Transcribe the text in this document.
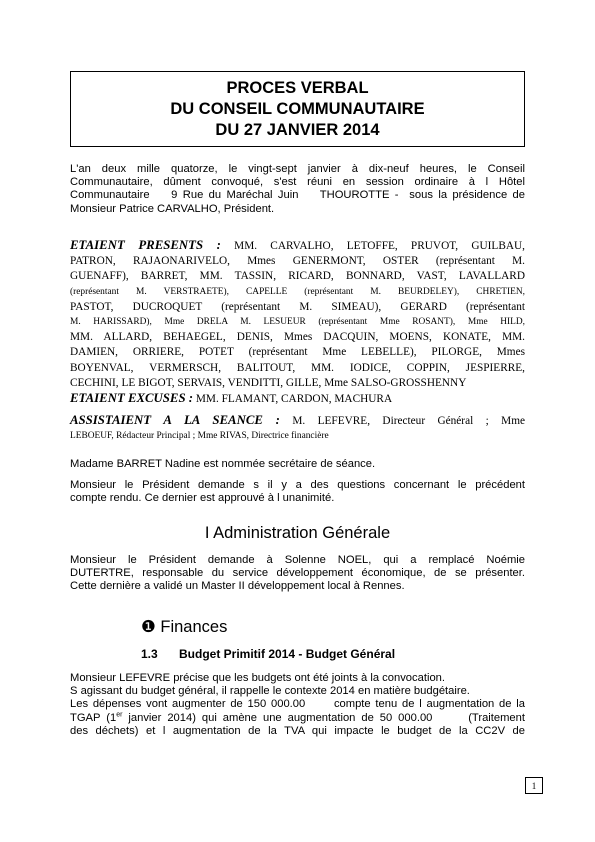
PROCES VERBAL
DU CONSEIL COMMUNAUTAIRE
DU 27 JANVIER 2014
L'an deux mille quatorze, le vingt-sept janvier à dix-neuf heures, le Conseil
Communautaire, dûment convoqué, s'est réuni en session ordinaire à l Hôtel
Communautaire    9 Rue du Maréchal Juin    THOUROTTE -  sous la présidence de
Monsieur Patrice CARVALHO, Président.
ETAIENT PRESENTS : MM. CARVALHO, LETOFFE, PRUVOT, GUILBAU,
PATRON, RAJAONARIVELO, Mmes GENERMONT, OSTER (représentant M.
GUENAFF), BARRET, MM. TASSIN, RICARD, BONNARD, VAST, LAVALLARD
(représentant M. VERSTRAETE), CAPELLE (représentant M. BEURDELEY), CHRETIEN,
PASTOT, DUCROQUET (représentant M. SIMEAU), GERARD (représentant
M. HARISSARD), Mme DRELA M. LESUEUR (représentant Mme ROSANT), Mme HILD,
MM. ALLARD, BEHAEGEL, DENIS, Mmes DACQUIN, MOENS, KONATE, MM.
DAMIEN, ORRIERE, POTET (représentant Mme LEBELLE), PILORGE, Mmes
BOYENVAL, VERMERSCH, BALITOUT, MM. IODICE, COPPIN, JESPIERRE,
CECHINI, LE BIGOT, SERVAIS, VENDITTI, GILLE, Mme SALSO-GROSSHENNY
ETAIENT EXCUSES : MM. FLAMANT, CARDON, MACHURA
ASSISTAIENT A LA SEANCE : M. LEFEVRE, Directeur Général ; Mme
LEBOEUF, Rédacteur Principal ; Mme RIVAS, Directrice financière
Madame BARRET Nadine est nommée secrétaire de séance.
Monsieur le Président demande s il y a des questions concernant le précédent
compte rendu. Ce dernier est approuvé à l unanimité.
I Administration Générale
Monsieur le Président demande à Solenne NOEL, qui a remplacé Noémie
DUTERTRE, responsable du service développement économique, de se présenter.
Cette dernière a validé un Master II développement local à Rennes.
❶ Finances
1.3 Budget Primitif 2014 - Budget Général
Monsieur LEFEVRE précise que les budgets ont été joints à la convocation.
S agissant du budget général, il rappelle le contexte 2014 en matière budgétaire.
Les dépenses vont augmenter de 150 000.00      compte tenu de l augmentation de la
TGAP (1er janvier 2014) qui amène une augmentation de 50 000.00      (Traitement
des déchets) et l augmentation de la TVA qui impacte le budget de la CC2V de
1
